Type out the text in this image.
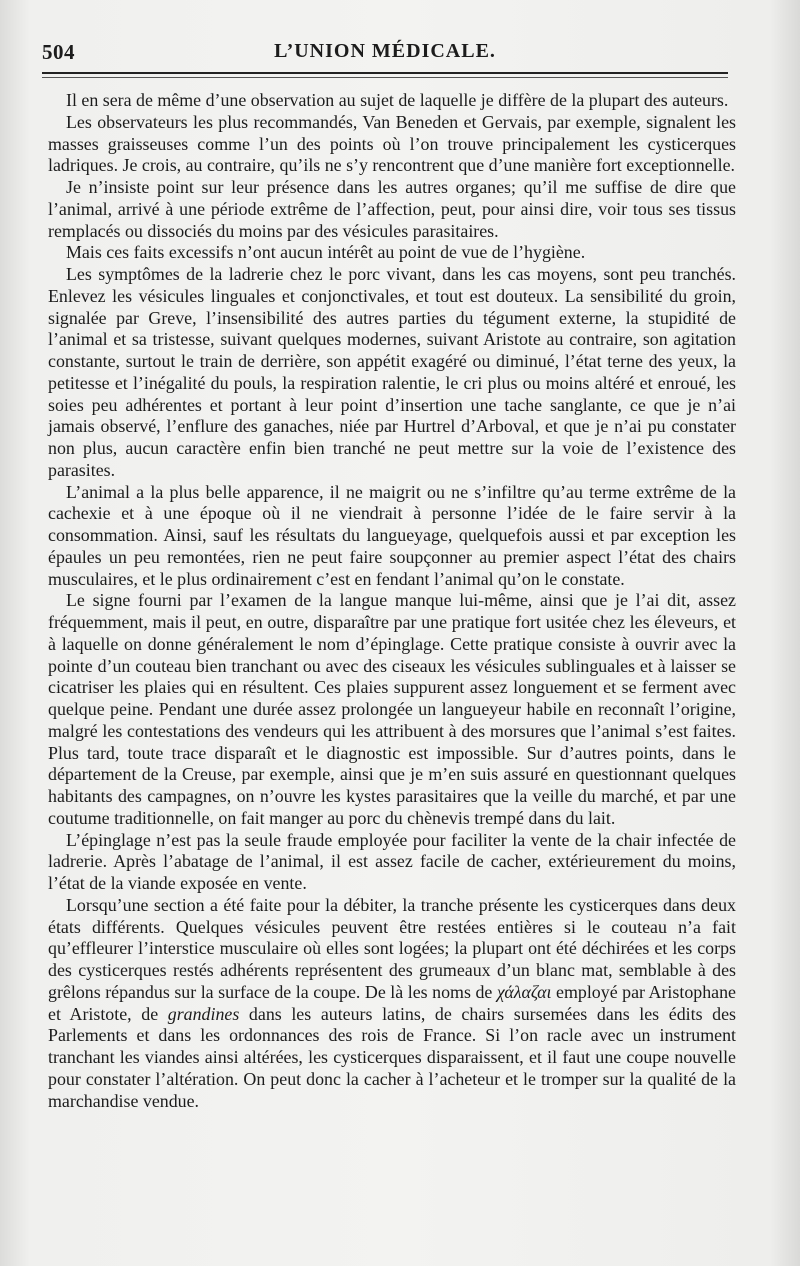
504	L’UNION MÉDICALE.

Il en sera de même d’une observation au sujet de laquelle je diffère de la plupart des auteurs.

Les observateurs les plus recommandés, Van Beneden et Gervais, par exemple, signalent les masses graisseuses comme l’un des points où l’on trouve principalement les cysticerques ladriques. Je crois, au contraire, qu’ils ne s’y rencontrent que d’une manière fort exceptionnelle.

Je n’insiste point sur leur présence dans les autres organes; qu’il me suffise de dire que l’animal, arrivé à une période extrême de l’affection, peut, pour ainsi dire, voir tous ses tissus remplacés ou dissociés du moins par des vésicules parasitaires.

Mais ces faits excessifs n’ont aucun intérêt au point de vue de l’hygiène.

Les symptômes de la ladrerie chez le porc vivant, dans les cas moyens, sont peu tranchés. Enlevez les vésicules linguales et conjonctivales, et tout est douteux. La sensibilité du groin, signalée par Greve, l’insensibilité des autres parties du tégument externe, la stupidité de l’animal et sa tristesse, suivant quelques modernes, suivant Aristote au contraire, son agitation constante, surtout le train de derrière, son appétit exagéré ou diminué, l’état terne des yeux, la petitesse et l’inégalité du pouls, la respiration ralentie, le cri plus ou moins altéré et enroué, les soies peu adhérentes et portant à leur point d’insertion une tache sanglante, ce que je n’ai jamais observé, l’enflure des ganaches, niée par Hurtrel d’Arboval, et que je n’ai pu constater non plus, aucun caractère enfin bien tranché ne peut mettre sur la voie de l’existence des parasites.

L’animal a la plus belle apparence, il ne maigrit ou ne s’infiltre qu’au terme extrême de la cachexie et à une époque où il ne viendrait à personne l’idée de le faire servir à la consommation. Ainsi, sauf les résultats du langueyage, quelquefois aussi et par exception les épaules un peu remontées, rien ne peut faire soupçonner au premier aspect l’état des chairs musculaires, et le plus ordinairement c’est en fendant l’animal qu’on le constate.

Le signe fourni par l’examen de la langue manque lui-même, ainsi que je l’ai dit, assez fréquemment, mais il peut, en outre, disparaître par une pratique fort usitée chez les éleveurs, et à laquelle on donne généralement le nom d’épinglage. Cette pratique consiste à ouvrir avec la pointe d’un couteau bien tranchant ou avec des ciseaux les vésicules sublinguales et à laisser se cicatriser les plaies qui en résultent. Ces plaies suppurent assez longuement et se ferment avec quelque peine. Pendant une durée assez prolongée un langueyeur habile en reconnaît l’origine, malgré les contestations des vendeurs qui les attribuent à des morsures que l’animal s’est faites. Plus tard, toute trace disparaît et le diagnostic est impossible. Sur d’autres points, dans le département de la Creuse, par exemple, ainsi que je m’en suis assuré en questionnant quelques habitants des campagnes, on n’ouvre les kystes parasitaires que la veille du marché, et par une coutume traditionnelle, on fait manger au porc du chènevis trempé dans du lait.

L’épinglage n’est pas la seule fraude employée pour faciliter la vente de la chair infectée de ladrerie. Après l’abatage de l’animal, il est assez facile de cacher, extérieurement du moins, l’état de la viande exposée en vente.

Lorsqu’une section a été faite pour la débiter, la tranche présente les cysticerques dans deux états différents. Quelques vésicules peuvent être restées entières si le couteau n’a fait qu’effleurer l’interstice musculaire où elles sont logées; la plupart ont été déchirées et les corps des cysticerques restés adhérents représentent des grumeaux d’un blanc mat, semblable à des grêlons répandus sur la surface de la coupe. De là les noms de χάλαζαι employé par Aristophane et Aristote, de grandines dans les auteurs latins, de chairs sursemées dans les édits des Parlements et dans les ordonnances des rois de France. Si l’on racle avec un instrument tranchant les viandes ainsi altérées, les cysticerques disparaissent, et il faut une coupe nouvelle pour constater l’altération. On peut donc la cacher à l’acheteur et le tromper sur la qualité de la marchandise vendue.
